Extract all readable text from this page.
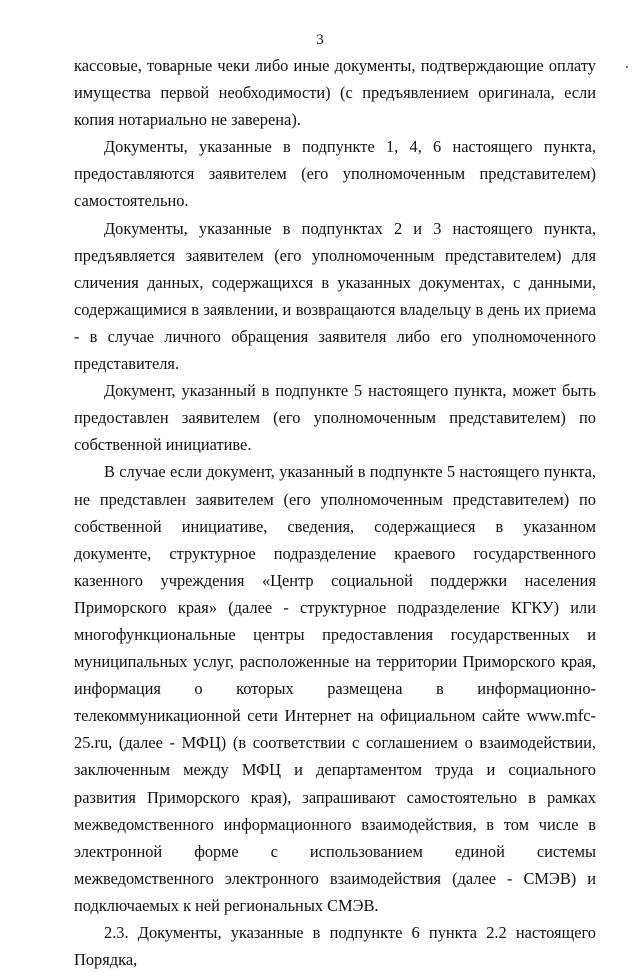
3

кассовые, товарные чеки либо иные документы, подтверждающие оплату имущества первой необходимости) (с предъявлением оригинала, если копия нотариально не заверена).

Документы, указанные в подпункте 1, 4, 6 настоящего пункта, предоставляются заявителем (его уполномоченным представителем) самостоятельно.

Документы, указанные в подпунктах 2 и 3 настоящего пункта, предъявляется заявителем (его уполномоченным представителем) для сличения данных, содержащихся в указанных документах, с данными, содержащимися в заявлении, и возвращаются владельцу в день их приема - в случае личного обращения заявителя либо его уполномоченного представителя.

Документ, указанный в подпункте 5 настоящего пункта, может быть предоставлен заявителем (его уполномоченным представителем) по собственной инициативе.

В случае если документ, указанный в подпункте 5 настоящего пункта, не представлен заявителем (его уполномоченным представителем) по собственной инициативе, сведения, содержащиеся в указанном документе, структурное подразделение краевого государственного казенного учреждения «Центр социальной поддержки населения Приморского края» (далее - структурное подразделение КГКУ) или многофункциональные центры предоставления государственных и муниципальных услуг, расположенные на территории Приморского края, информация о которых размещена в информационно-телекоммуникационной сети Интернет на официальном сайте www.mfc-25.ru, (далее - МФЦ) (в соответствии с соглашением о взаимодействии, заключенным между МФЦ и департаментом труда и социального развития Приморского края), запрашивают самостоятельно в рамках межведомственного информационного взаимодействия, в том числе в электронной форме с использованием единой системы межведомственного электронного взаимодействия (далее - СМЭВ) и подключаемых к ней региональных СМЭВ.

2.3. Документы, указанные в подпункте 6 пункта 2.2 настоящего Порядка,
